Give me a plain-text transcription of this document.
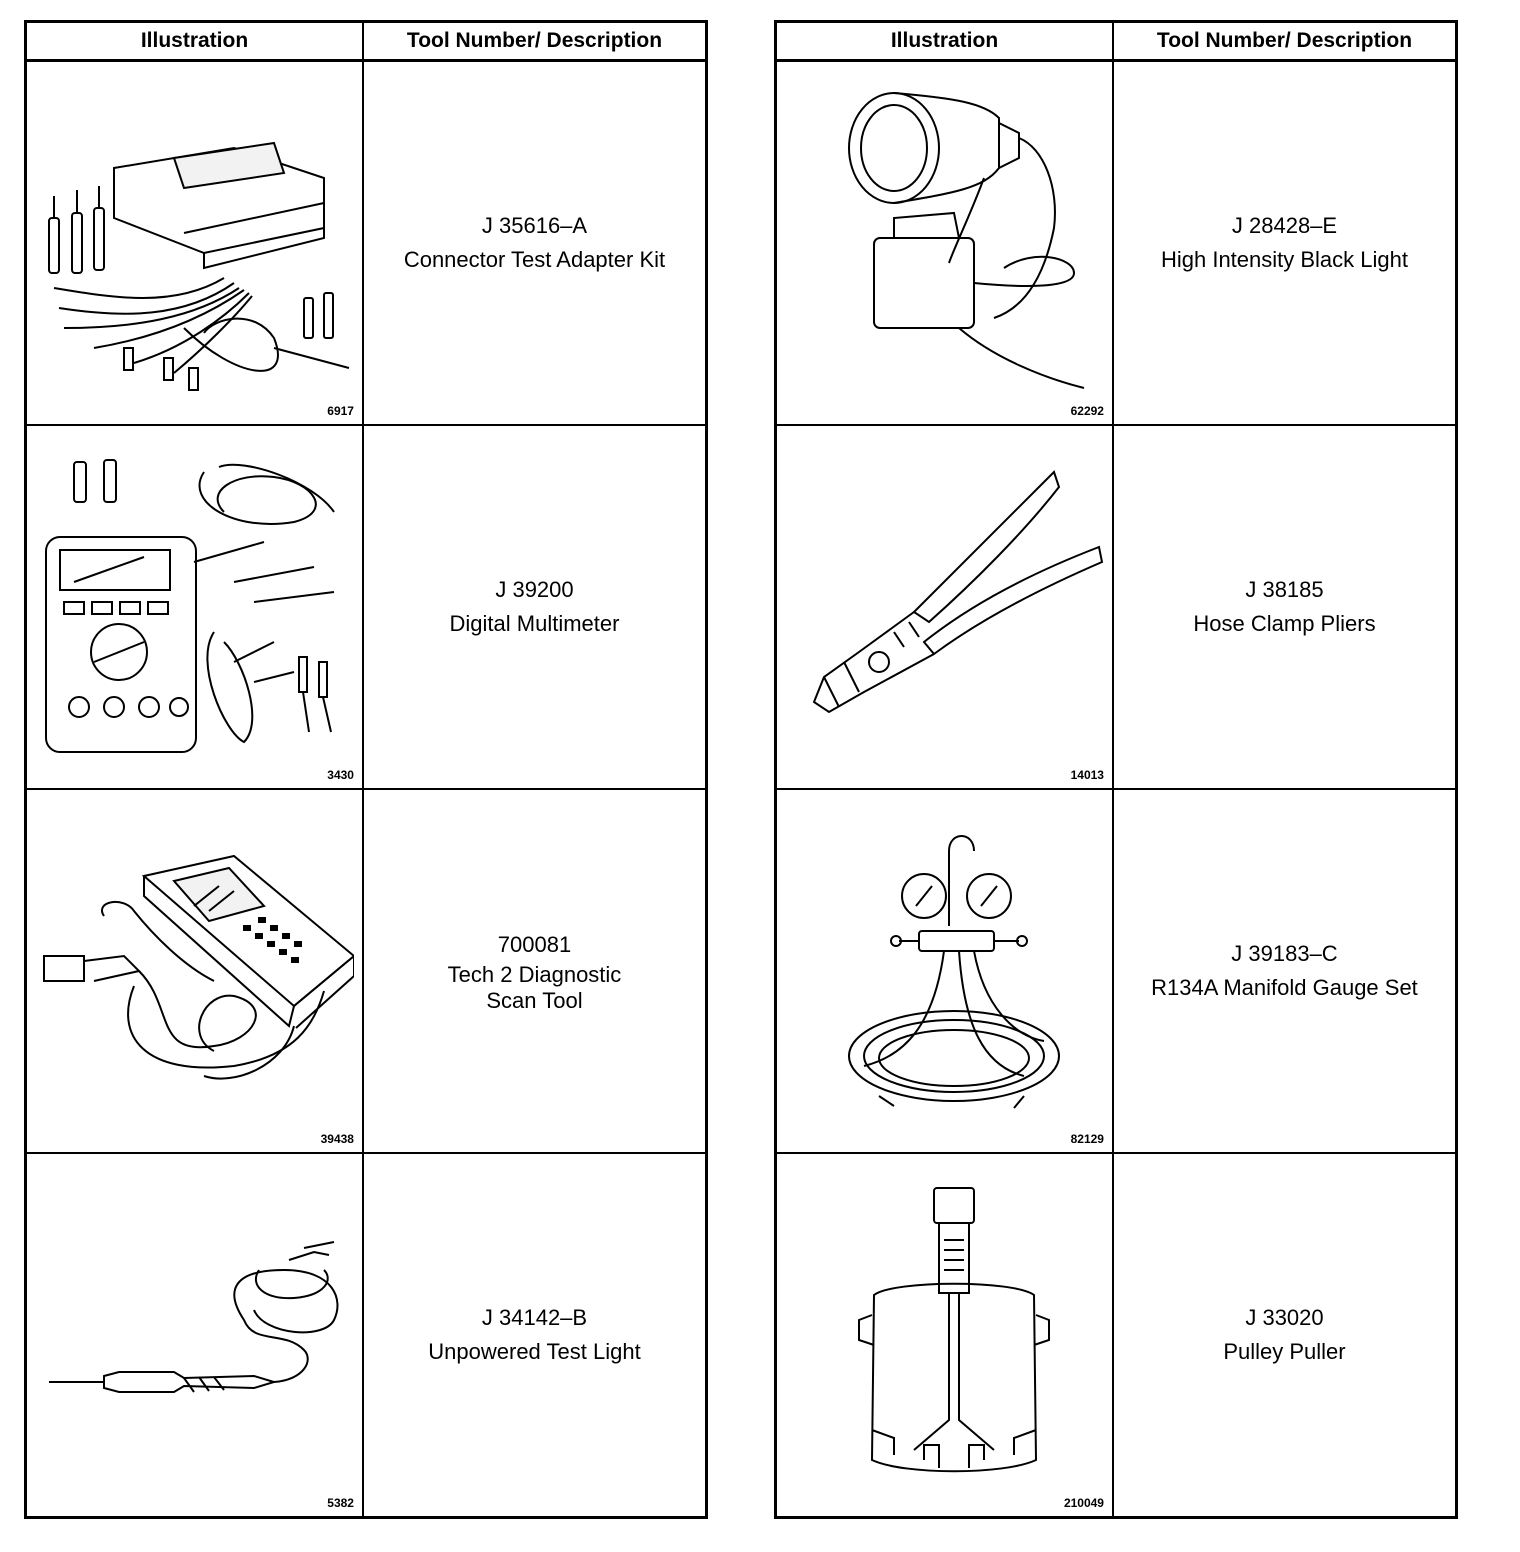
Illustration	Tool Number/ Description

6917	J 35616–A
Connector Test Adapter Kit

3430	J 39200
Digital Multimeter

39438	700081
Tech 2 Diagnostic
Scan Tool

5382	J 34142–B
Unpowered Test Light
Illustration	Tool Number/ Description

62292	J 28428–E
High Intensity Black Light

14013	J 38185
Hose Clamp Pliers

82129	J 39183–C
R134A Manifold Gauge Set

210049	J 33020
Pulley Puller
